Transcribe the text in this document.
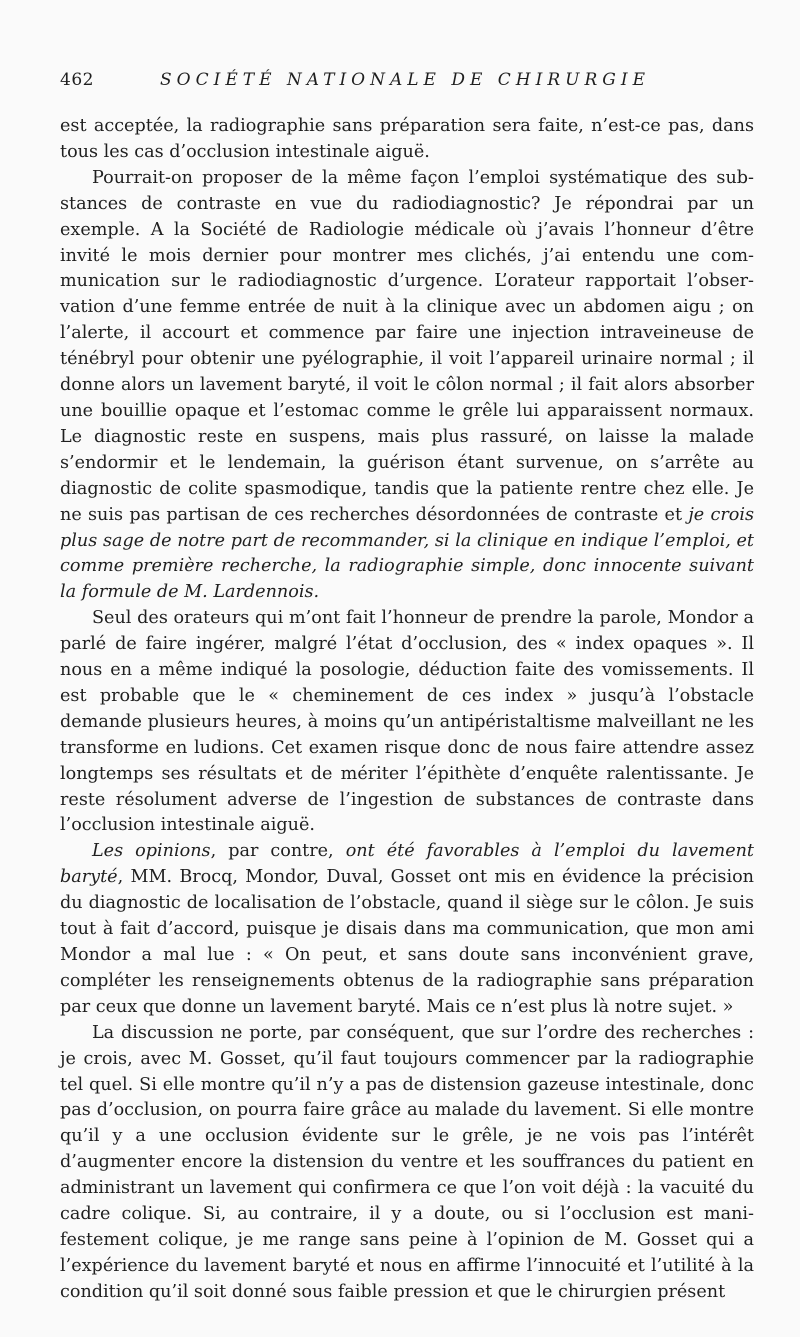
462	SOCIÉTÉ NATIONALE DE CHIRURGIE

est acceptée, la radiographie sans préparation sera faite, n’est-ce pas, dans tous les cas d’occlusion intestinale aiguë.

Pourrait-on proposer de la même façon l’emploi systématique des substances de contraste en vue du radiodiagnostic? Je répondrai par un exemple. A la Société de Radiologie médicale où j’avais l’honneur d’être invité le mois dernier pour montrer mes clichés, j’ai entendu une communication sur le radiodiagnostic d’urgence. L’orateur rapportait l’observation d’une femme entrée de nuit à la clinique avec un abdomen aigu ; on l’alerte, il accourt et commence par faire une injection intraveineuse de ténébryl pour obtenir une pyélographie, il voit l’appareil urinaire normal ; il donne alors un lavement baryté, il voit le côlon normal ; il fait alors absorber une bouillie opaque et l’estomac comme le grêle lui apparaissent normaux. Le diagnostic reste en suspens, mais plus rassuré, on laisse la malade s’endormir et le lendemain, la guérison étant survenue, on s’arrête au diagnostic de colite spasmodique, tandis que la patiente rentre chez elle. Je ne suis pas partisan de ces recherches désordonnées de contraste et je crois plus sage de notre part de recommander, si la clinique en indique l’emploi, et comme première recherche, la radiographie simple, donc innocente suivant la formule de M. Lardennois.

Seul des orateurs qui m’ont fait l’honneur de prendre la parole, Mondor a parlé de faire ingérer, malgré l’état d’occlusion, des « index opaques ». Il nous en a même indiqué la posologie, déduction faite des vomissements. Il est probable que le « cheminement de ces index » jusqu’à l’obstacle demande plusieurs heures, à moins qu’un antipéristaltisme malveillant ne les transforme en ludions. Cet examen risque donc de nous faire attendre assez longtemps ses résultats et de mériter l’épithète d’enquête ralentissante. Je reste résolument adverse de l’ingestion de substances de contraste dans l’occlusion intestinale aiguë.

Les opinions, par contre, ont été favorables à l’emploi du lavement baryté, MM. Brocq, Mondor, Duval, Gosset ont mis en évidence la précision du diagnostic de localisation de l’obstacle, quand il siège sur le côlon. Je suis tout à fait d’accord, puisque je disais dans ma communication, que mon ami Mondor a mal lue : « On peut, et sans doute sans inconvénient grave, compléter les renseignements obtenus de la radiographie sans préparation par ceux que donne un lavement baryté. Mais ce n’est plus là notre sujet. »

La discussion ne porte, par conséquent, que sur l’ordre des recherches : je crois, avec M. Gosset, qu’il faut toujours commencer par la radiographie tel quel. Si elle montre qu’il n’y a pas de distension gazeuse intestinale, donc pas d’occlusion, on pourra faire grâce au malade du lavement. Si elle montre qu’il y a une occlusion évidente sur le grêle, je ne vois pas l’intérêt d’augmenter encore la distension du ventre et les souffrances du patient en administrant un lavement qui confirmera ce que l’on voit déjà : la vacuité du cadre colique. Si, au contraire, il y a doute, ou si l’occlusion est manifestement colique, je me range sans peine à l’opinion de M. Gosset qui a l’expérience du lavement baryté et nous en affirme l’innocuité et l’utilité à la condition qu’il soit donné sous faible pression et que le chirurgien présent
